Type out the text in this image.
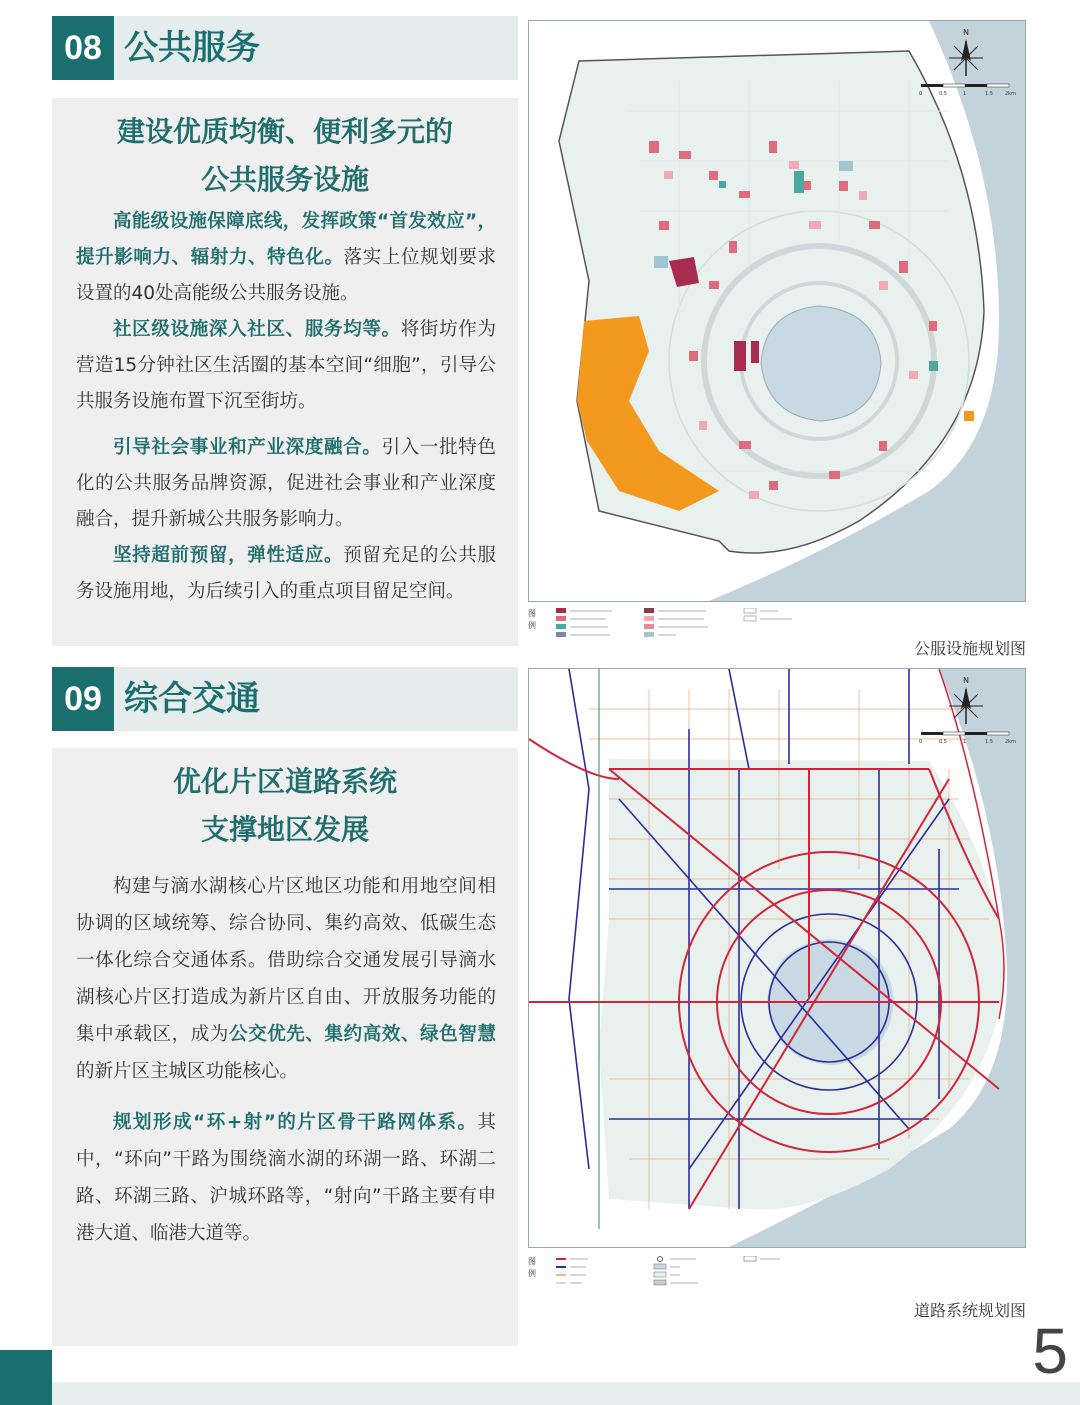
08 公共服务
建设优质均衡、便利多元的
公共服务设施

高能级设施保障底线，发挥政策“首发效应”，提升影响力、辐射力、特色化。落实上位规划要求设置的40处高能级公共服务设施。

社区级设施深入社区、服务均等。将街坊作为营造15分钟社区生活圈的基本空间“细胞”，引导公共服务设施布置下沉至街坊。

引导社会事业和产业深度融合。引入一批特色化的公共服务品牌资源，促进社会事业和产业深度融合，提升新城公共服务影响力。

坚持超前预留，弹性适应。预留充足的公共服务设施用地，为后续引入的重点项目留足空间。

N
0	0.5	1	1.5 2km
图例
公服设施规划图
09 综合交通
优化片区道路系统
支撑地区发展

构建与滴水湖核心片区地区功能和用地空间相协调的区域统筹、综合协同、集约高效、低碳生态一体化综合交通体系。借助综合交通发展引导滴水湖核心片区打造成为新片区自由、开放服务功能的集中承载区，成为公交优先、集约高效、绿色智慧的新片区主城区功能核心。

规划形成“环+射”的片区骨干路网体系。其中，“环向”干路为围绕滴水湖的环湖一路、环湖二路、环湖三路、沪城环路等，“射向”干路主要有申港大道、临港大道等。

N
0	0.5	1	1.5 2km
图例
道路系统规划图
5
